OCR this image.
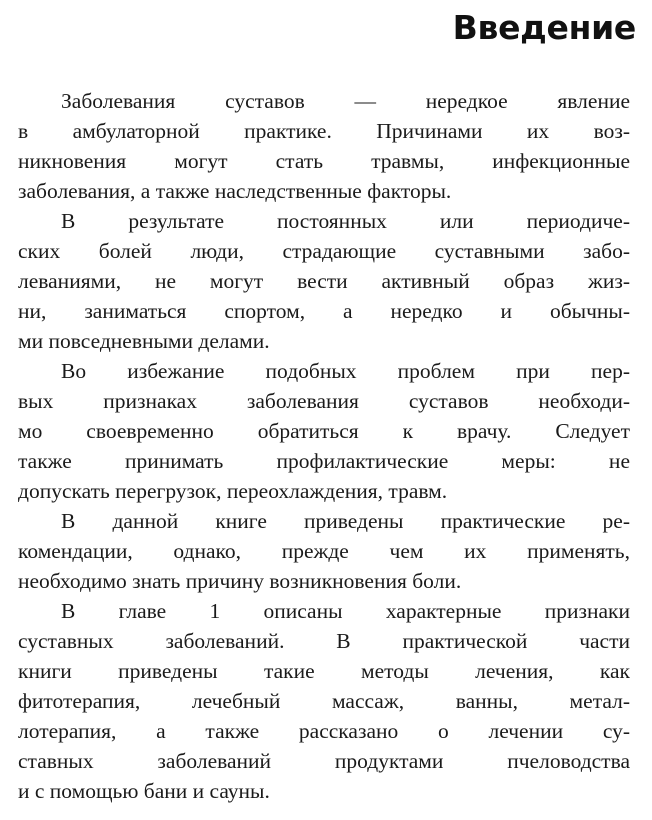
Введение
Заболевания суставов — нередкое явление
в амбулаторной практике. Причинами их воз-
никновения могут стать травмы, инфекционные
заболевания, а также наследственные факторы.
В результате постоянных или периодиче-
ских болей люди, страдающие суставными забо-
леваниями, не могут вести активный образ жиз-
ни, заниматься спортом, а нередко и обычны-
ми повседневными делами.
Во избежание подобных проблем при пер-
вых признаках заболевания суставов необходи-
мо своевременно обратиться к врачу. Следует
также принимать профилактические меры: не
допускать перегрузок, переохлаждения, травм.
В данной книге приведены практические ре-
комендации, однако, прежде чем их применять,
необходимо знать причину возникновения боли.
В главе 1 описаны характерные признаки
суставных заболеваний. В практической части
книги приведены такие методы лечения, как
фитотерапия, лечебный массаж, ванны, метал-
лотерапия, а также рассказано о лечении су-
ставных заболеваний продуктами пчеловодства
и с помощью бани и сауны.
